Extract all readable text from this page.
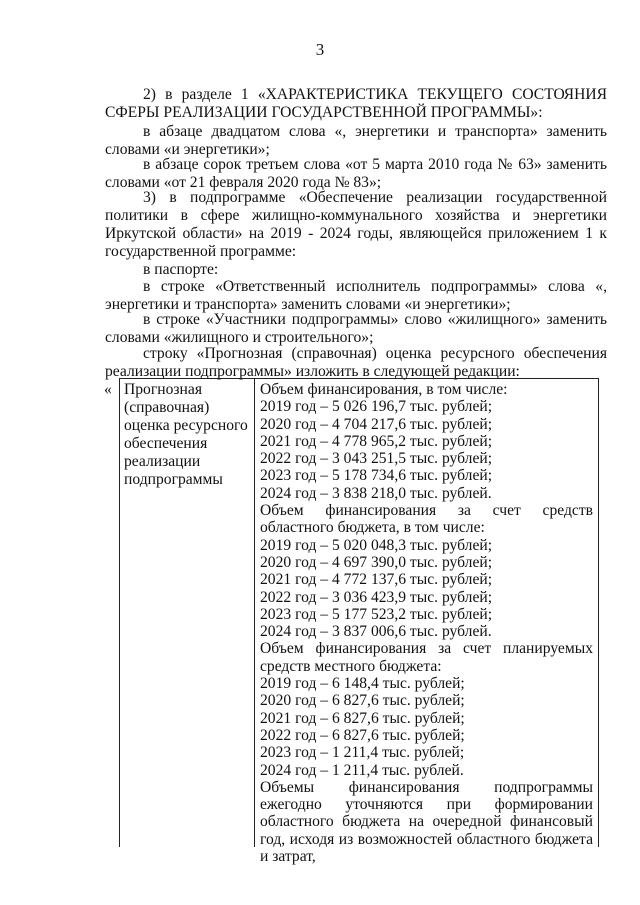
3
2) в разделе 1 «ХАРАКТЕРИСТИКА ТЕКУЩЕГО СОСТОЯНИЯ СФЕРЫ РЕАЛИЗАЦИИ ГОСУДАРСТВЕННОЙ ПРОГРАММЫ»:
в абзаце двадцатом слова «, энергетики и транспорта» заменить словами «и энергетики»;
в абзаце сорок третьем слова «от 5 марта 2010 года № 63» заменить словами «от 21 февраля 2020 года № 83»;
3) в подпрограмме «Обеспечение реализации государственной политики в сфере жилищно-коммунального хозяйства и энергетики Иркутской области» на 2019 - 2024 годы, являющейся приложением 1 к государственной программе:
в паспорте:
в строке «Ответственный исполнитель подпрограммы» слова «, энергетики и транспорта» заменить словами «и энергетики»;
в строке «Участники подпрограммы» слово «жилищного» заменить словами «жилищного и строительного»;
строку «Прогнозная (справочная) оценка ресурсного обеспечения реализации подпрограммы» изложить в следующей редакции:
« Прогнозная
(справочная)
оценка ресурсного
обеспечения
реализации
подпрограммы
Объем финансирования, в том числе:
2019 год – 5 026 196,7 тыс. рублей;
2020 год – 4 704 217,6 тыс. рублей;
2021 год – 4 778 965,2 тыс. рублей;
2022 год – 3 043 251,5 тыс. рублей;
2023 год – 5 178 734,6 тыс. рублей;
2024 год – 3 838 218,0 тыс. рублей.
Объем финансирования за счет средств областного бюджета, в том числе:
2019 год – 5 020 048,3 тыс. рублей;
2020 год – 4 697 390,0 тыс. рублей;
2021 год – 4 772 137,6 тыс. рублей;
2022 год – 3 036 423,9 тыс. рублей;
2023 год – 5 177 523,2 тыс. рублей;
2024 год – 3 837 006,6 тыс. рублей.
Объем финансирования за счет планируемых средств местного бюджета:
2019 год – 6 148,4 тыс. рублей;
2020 год – 6 827,6 тыс. рублей;
2021 год – 6 827,6 тыс. рублей;
2022 год – 6 827,6 тыс. рублей;
2023 год – 1 211,4 тыс. рублей;
2024 год – 1 211,4 тыс. рублей.
Объемы финансирования подпрограммы ежегодно уточняются при формировании областного бюджета на очередной финансовый год, исходя из возможностей областного бюджета и затрат,
